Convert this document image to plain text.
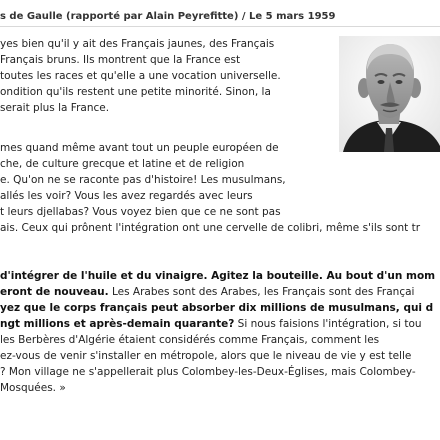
s de Gaulle (rapporté par Alain Peyrefitte) / Le 5 mars 1959
yes bien qu'il y ait des Français jaunes, des Français
Français bruns. Ils montrent que la France est
toutes les races et qu'elle a une vocation universelle.
ondition qu'ils restent une petite minorité. Sinon, la
serait plus la France.
mes quand même avant tout un peuple européen de
che, de culture grecque et latine et de religion
e. Qu'on ne se raconte pas d'histoire! Les musulmans,
allés les voir? Vous les avez regardés avec leurs
t leurs djellabas? Vous voyez bien que ce ne sont pas
ais. Ceux qui prônent l'intégration ont une cervelle de colibri, même s'ils sont tr
d'intégrer de l'huile et du vinaigre. Agitez la bouteille. Au bout d'un mom
eront de nouveau. Les Arabes sont des Arabes, les Français sont des Françai
yez que le corps français peut absorber dix millions de musulmans, qui d
ngt millions et après-demain quarante? Si nous faisions l'intégration, si tou
les Berbères d'Algérie étaient considérés comme Français, comment les
ez-vous de venir s'installer en métropole, alors que le niveau de vie y est telle
? Mon village ne s'appellerait plus Colombey-les-Deux-Églises, mais Colombey-
Mosquées. »
